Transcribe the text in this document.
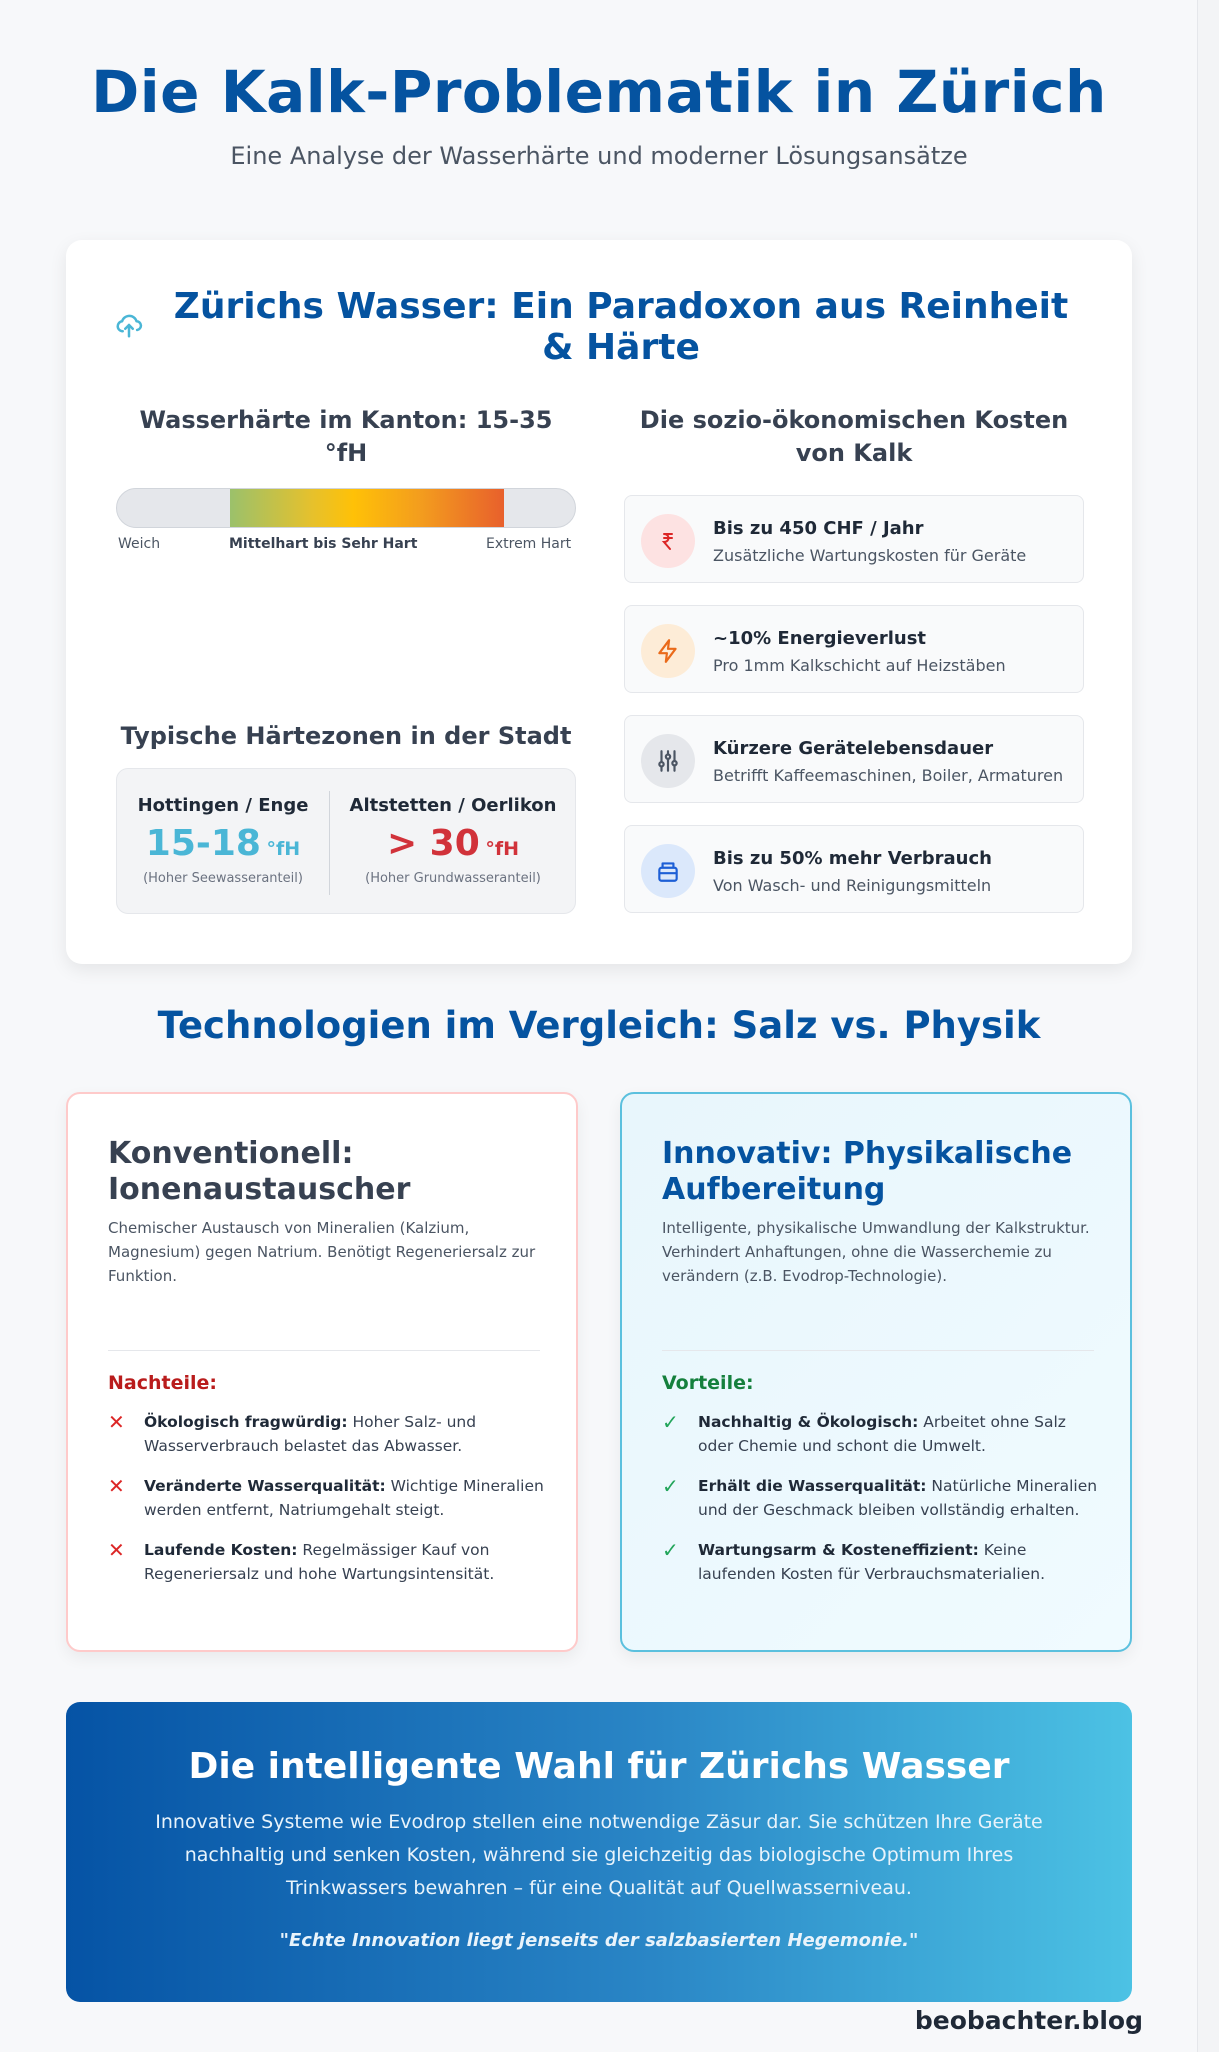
Die Kalk-Problematik in Zürich

Eine Analyse der Wasserhärte und moderner Lösungsansätze

Zürichs Wasser: Ein Paradoxon aus Reinheit & Härte
Wasserhärte im Kanton: 15-35 °fH
Weich	Mittelhart bis Sehr Hart	Extrem Hart
Typische Härtezonen in der Stadt
Hottingen / Enge
15-18 °fH
(Hoher Seewasseranteil)
Altstetten / Oerlikon
> 30 °fH
(Hoher Grundwasseranteil)
Die sozio-ökonomischen Kosten von Kalk
Bis zu 450 CHF / Jahr
Zusätzliche Wartungskosten für Geräte
~10% Energieverlust
Pro 1mm Kalkschicht auf Heizstäben
Kürzere Gerätelebensdauer
Betrifft Kaffeemaschinen, Boiler, Armaturen
Bis zu 50% mehr Verbrauch
Von Wasch- und Reinigungsmitteln
Technologien im Vergleich: Salz vs. Physik
Konventionell: Ionenaustauscher

Chemischer Austausch von Mineralien (Kalzium, Magnesium) gegen Natrium. Benötigt Regeneriersalz zur Funktion.

Nachteile:
✕ Ökologisch fragwürdig: Hoher Salz- und Wasserverbrauch belastet das Abwasser.
✕ Veränderte Wasserqualität: Wichtige Mineralien werden entfernt, Natriumgehalt steigt.
✕ Laufende Kosten: Regelmässiger Kauf von Regeneriersalz und hohe Wartungsintensität.
Innovativ: Physikalische Aufbereitung

Intelligente, physikalische Umwandlung der Kalkstruktur. Verhindert Anhaftungen, ohne die Wasserchemie zu verändern (z.B. Evodrop-Technologie).

Vorteile:
✓ Nachhaltig & Ökologisch: Arbeitet ohne Salz oder Chemie und schont die Umwelt.
✓ Erhält die Wasserqualität: Natürliche Mineralien und der Geschmack bleiben vollständig erhalten.
✓ Wartungsarm & Kosteneffizient: Keine laufenden Kosten für Verbrauchsmaterialien.
Die intelligente Wahl für Zürichs Wasser

Innovative Systeme wie Evodrop stellen eine notwendige Zäsur dar. Sie schützen Ihre Geräte nachhaltig und senken Kosten, während sie gleichzeitig das biologische Optimum Ihres Trinkwassers bewahren – für eine Qualität auf Quellwasserniveau.

"Echte Innovation liegt jenseits der salzbasierten Hegemonie."

beobachter.blog
